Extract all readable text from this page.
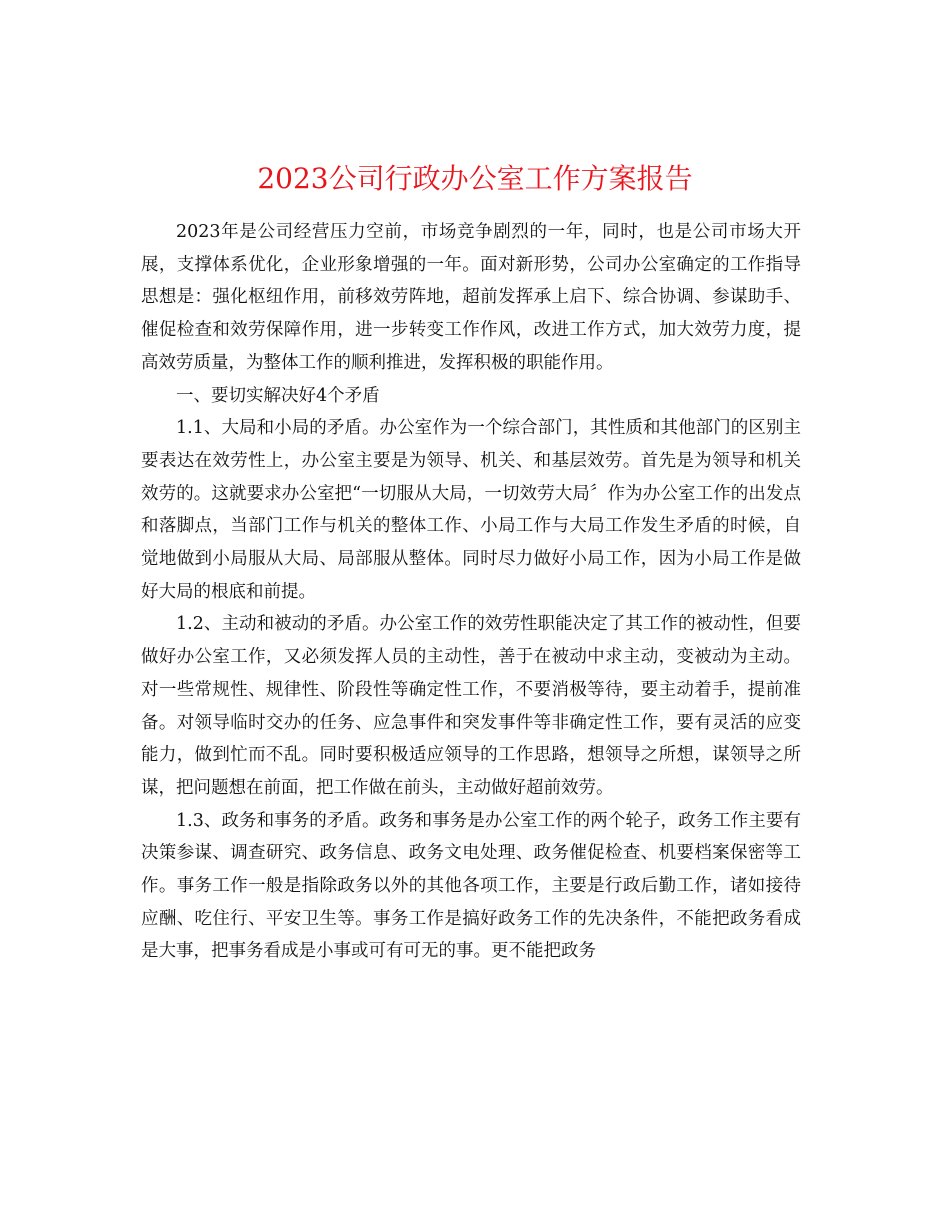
2023公司行政办公室工作方案报告

2023年是公司经营压力空前，市场竞争剧烈的一年，同时，也是公司市场大开展，支撑体系优化，企业形象增强的一年。面对新形势，公司办公室确定的工作指导思想是：强化枢纽作用，前移效劳阵地，超前发挥承上启下、综合协调、参谋助手、催促检查和效劳保障作用，进一步转变工作作风，改进工作方式，加大效劳力度，提高效劳质量，为整体工作的顺利推进，发挥积极的职能作用。

一、要切实解决好4个矛盾

1.1、大局和小局的矛盾。办公室作为一个综合部门，其性质和其他部门的区别主要表达在效劳性上，办公室主要是为领导、机关、和基层效劳。首先是为领导和机关效劳的。这就要求办公室把“一切服从大局，一切效劳大局〞作为办公室工作的出发点和落脚点，当部门工作与机关的整体工作、小局工作与大局工作发生矛盾的时候，自觉地做到小局服从大局、局部服从整体。同时尽力做好小局工作，因为小局工作是做好大局的根底和前提。

1.2、主动和被动的矛盾。办公室工作的效劳性职能决定了其工作的被动性，但要做好办公室工作，又必须发挥人员的主动性，善于在被动中求主动，变被动为主动。对一些常规性、规律性、阶段性等确定性工作，不要消极等待，要主动着手，提前准备。对领导临时交办的任务、应急事件和突发事件等非确定性工作，要有灵活的应变能力，做到忙而不乱。同时要积极适应领导的工作思路，想领导之所想，谋领导之所谋，把问题想在前面，把工作做在前头，主动做好超前效劳。

1.3、政务和事务的矛盾。政务和事务是办公室工作的两个轮子，政务工作主要有决策参谋、调查研究、政务信息、政务文电处理、政务催促检查、机要档案保密等工作。事务工作一般是指除政务以外的其他各项工作，主要是行政后勤工作，诸如接待应酬、吃住行、平安卫生等。事务工作是搞好政务工作的先决条件，不能把政务看成是大事，把事务看成是小事或可有可无的事。更不能把政务
